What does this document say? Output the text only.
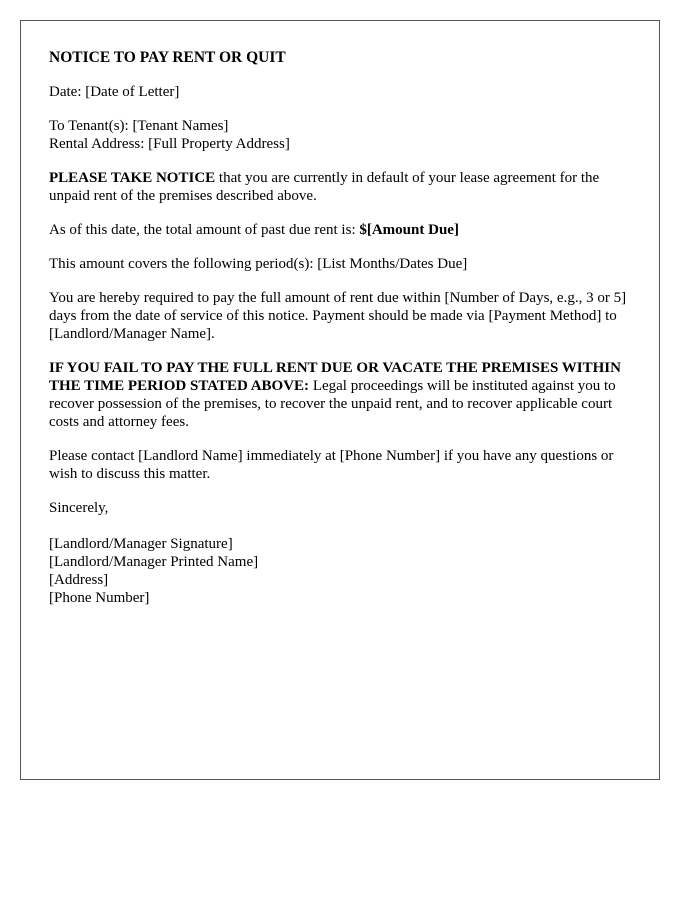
NOTICE TO PAY RENT OR QUIT

Date: [Date of Letter]

To Tenant(s): [Tenant Names]

Rental Address: [Full Property Address]

PLEASE TAKE NOTICE that you are currently in default of your lease agreement for the unpaid rent of the premises described above.

As of this date, the total amount of past due rent is: $[Amount Due]

This amount covers the following period(s): [List Months/Dates Due]

You are hereby required to pay the full amount of rent due within [Number of Days, e.g., 3 or 5] days from the date of service of this notice. Payment should be made via [Payment Method] to [Landlord/Manager Name].

IF YOU FAIL TO PAY THE FULL RENT DUE OR VACATE THE PREMISES WITHIN THE TIME PERIOD STATED ABOVE: Legal proceedings will be instituted against you to recover possession of the premises, to recover the unpaid rent, and to recover applicable court costs and attorney fees.

Please contact [Landlord Name] immediately at [Phone Number] if you have any questions or wish to discuss this matter.

Sincerely,

[Landlord/Manager Signature]

[Landlord/Manager Printed Name]

[Address]

[Phone Number]
